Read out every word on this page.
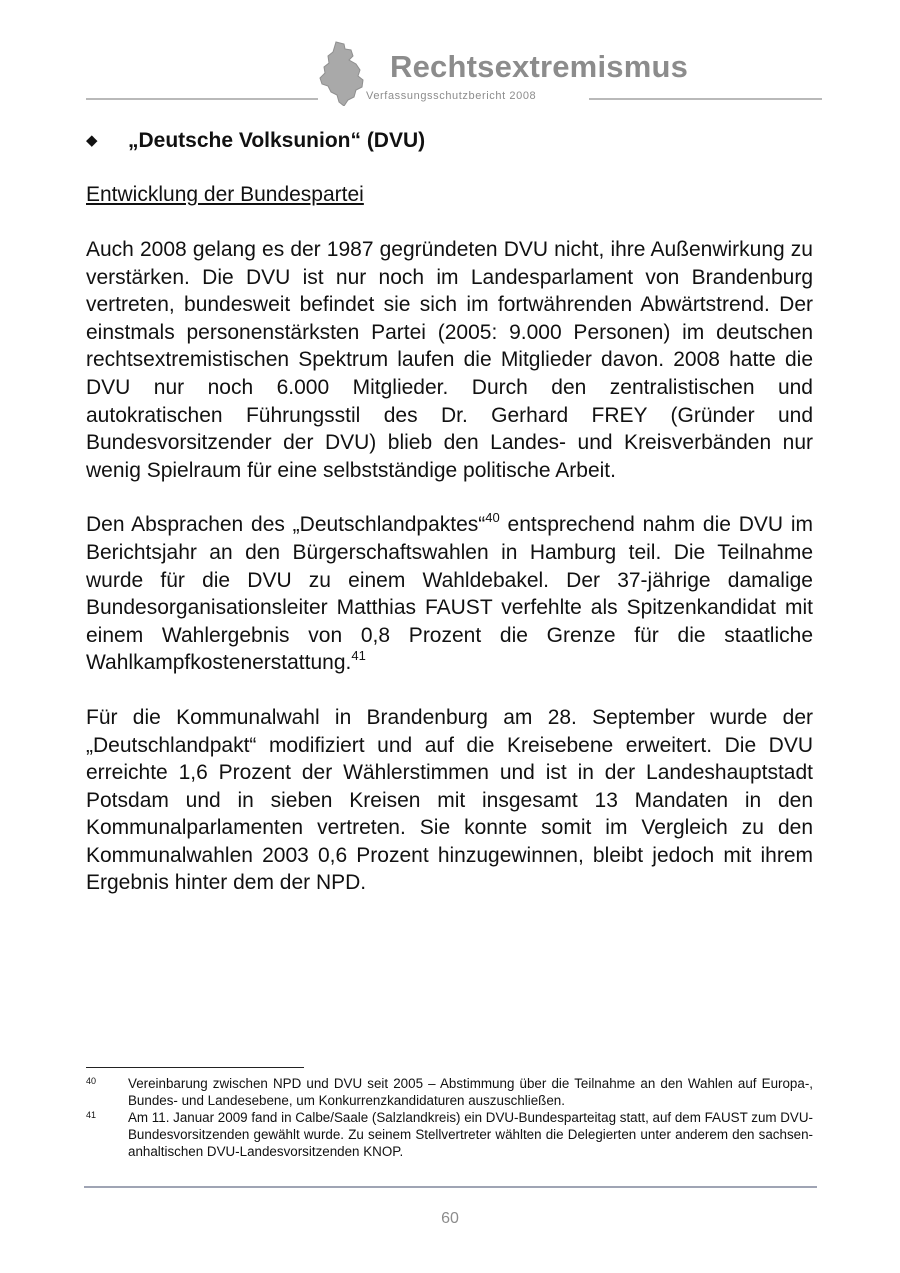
Rechtsextremismus
Verfassungsschutzbericht 2008
◆	„Deutsche Volksunion“ (DVU)

Entwicklung der Bundespartei

Auch 2008 gelang es der 1987 gegründeten DVU nicht, ihre Außenwirkung zu verstärken. Die DVU ist nur noch im Landesparlament von Brandenburg vertreten, bundesweit befindet sie sich im fortwährenden Abwärtstrend. Der einstmals personenstärksten Partei (2005: 9.000 Personen) im deutschen rechtsextremistischen Spektrum laufen die Mitglieder davon. 2008 hatte die DVU nur noch 6.000 Mitglieder. Durch den zentralistischen und autokratischen Führungsstil des Dr. Gerhard FREY (Gründer und Bundesvorsitzender der DVU) blieb den Landes- und Kreisverbänden nur wenig Spielraum für eine selbstständige politische Arbeit.

Den Absprachen des „Deutschlandpaktes“$^{40}$ entsprechend nahm die DVU im Berichtsjahr an den Bürgerschaftswahlen in Hamburg teil. Die Teilnahme wurde für die DVU zu einem Wahldebakel. Der 37-jährige damalige Bundesorganisationsleiter Matthias FAUST verfehlte als Spitzenkandidat mit einem Wahlergebnis von 0,8 Prozent die Grenze für die staatliche Wahlkampfkostenerstattung.$^{41}$

Für die Kommunalwahl in Brandenburg am 28. September wurde der „Deutschlandpakt“ modifiziert und auf die Kreisebene erweitert. Die DVU erreichte 1,6 Prozent der Wählerstimmen und ist in der Landeshauptstadt Potsdam und in sieben Kreisen mit insgesamt 13 Mandaten in den Kommunalparlamenten vertreten. Sie konnte somit im Vergleich zu den Kommunalwahlen 2003 0,6 Prozent hinzugewinnen, bleibt jedoch mit ihrem Ergebnis hinter dem der NPD.

40 Vereinbarung zwischen NPD und DVU seit 2005 – Abstimmung über die Teilnahme an den Wahlen auf Europa-, Bundes- und Landesebene, um Konkurrenzkandidaturen auszuschließen.
41 Am 11. Januar 2009 fand in Calbe/Saale (Salzlandkreis) ein DVU-Bundesparteitag statt, auf dem FAUST zum DVU-Bundesvorsitzenden gewählt wurde. Zu seinem Stellvertreter wählten die Delegierten unter anderem den sachsen-anhaltischen DVU-Landesvorsitzenden KNOP.
60
